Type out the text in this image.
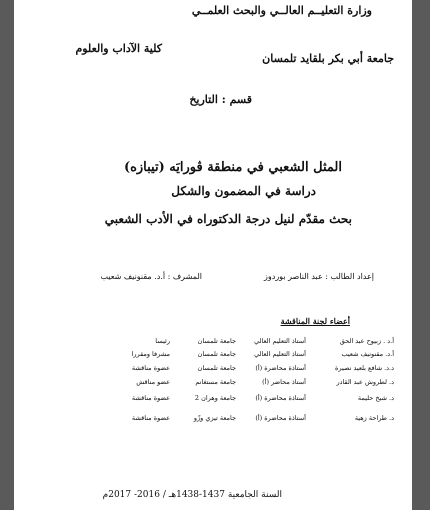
وزارة التعليــم العالــي والبحث العلمــي
جامعة أبي بكر بلقايد تلمسان
كلية الآداب والعلوم
قسم : التاريخ
المثل الشعبي في منطقة ڤورايَه (تيبازه)
دراسة في المضمون والشكل
بحث مقدّم لنيل درجة الدكتوراه في الأدب الشعبي
إعداد الطالب : عبد الناصر بوردوز
المشرف : أ.د. مقنونيف شعيب
أعضاء لجنة المناقشة
أ.د . زبيوح عبد الحق
أستاذ التعليم العالي
جامعة تلمسان
رئيسا
أ.د. مقنونيف شعيب
أستاذ التعليم العالي
جامعة تلمسان
مشرفا ومقررا
د.د. شافع بلعيد نصيرة
أستاذة محاضرة (أ)
جامعة تلمسان
عضوة مناقشة
د. لطروش عبد القادر
أستاذ محاضر (أ)
جامعة مستغانم
عضو مناقش
د. شيخ حليمة
أستاذة محاضرة (أ)
جامعة وهران 2
عضوة مناقشة
د. طراحة زهية
أستاذة محاضرة (أ)
جامعة تيزي وزّو
عضوة مناقشة
السنة الجامعية 1437-1438هـ / 2016- 2017م
